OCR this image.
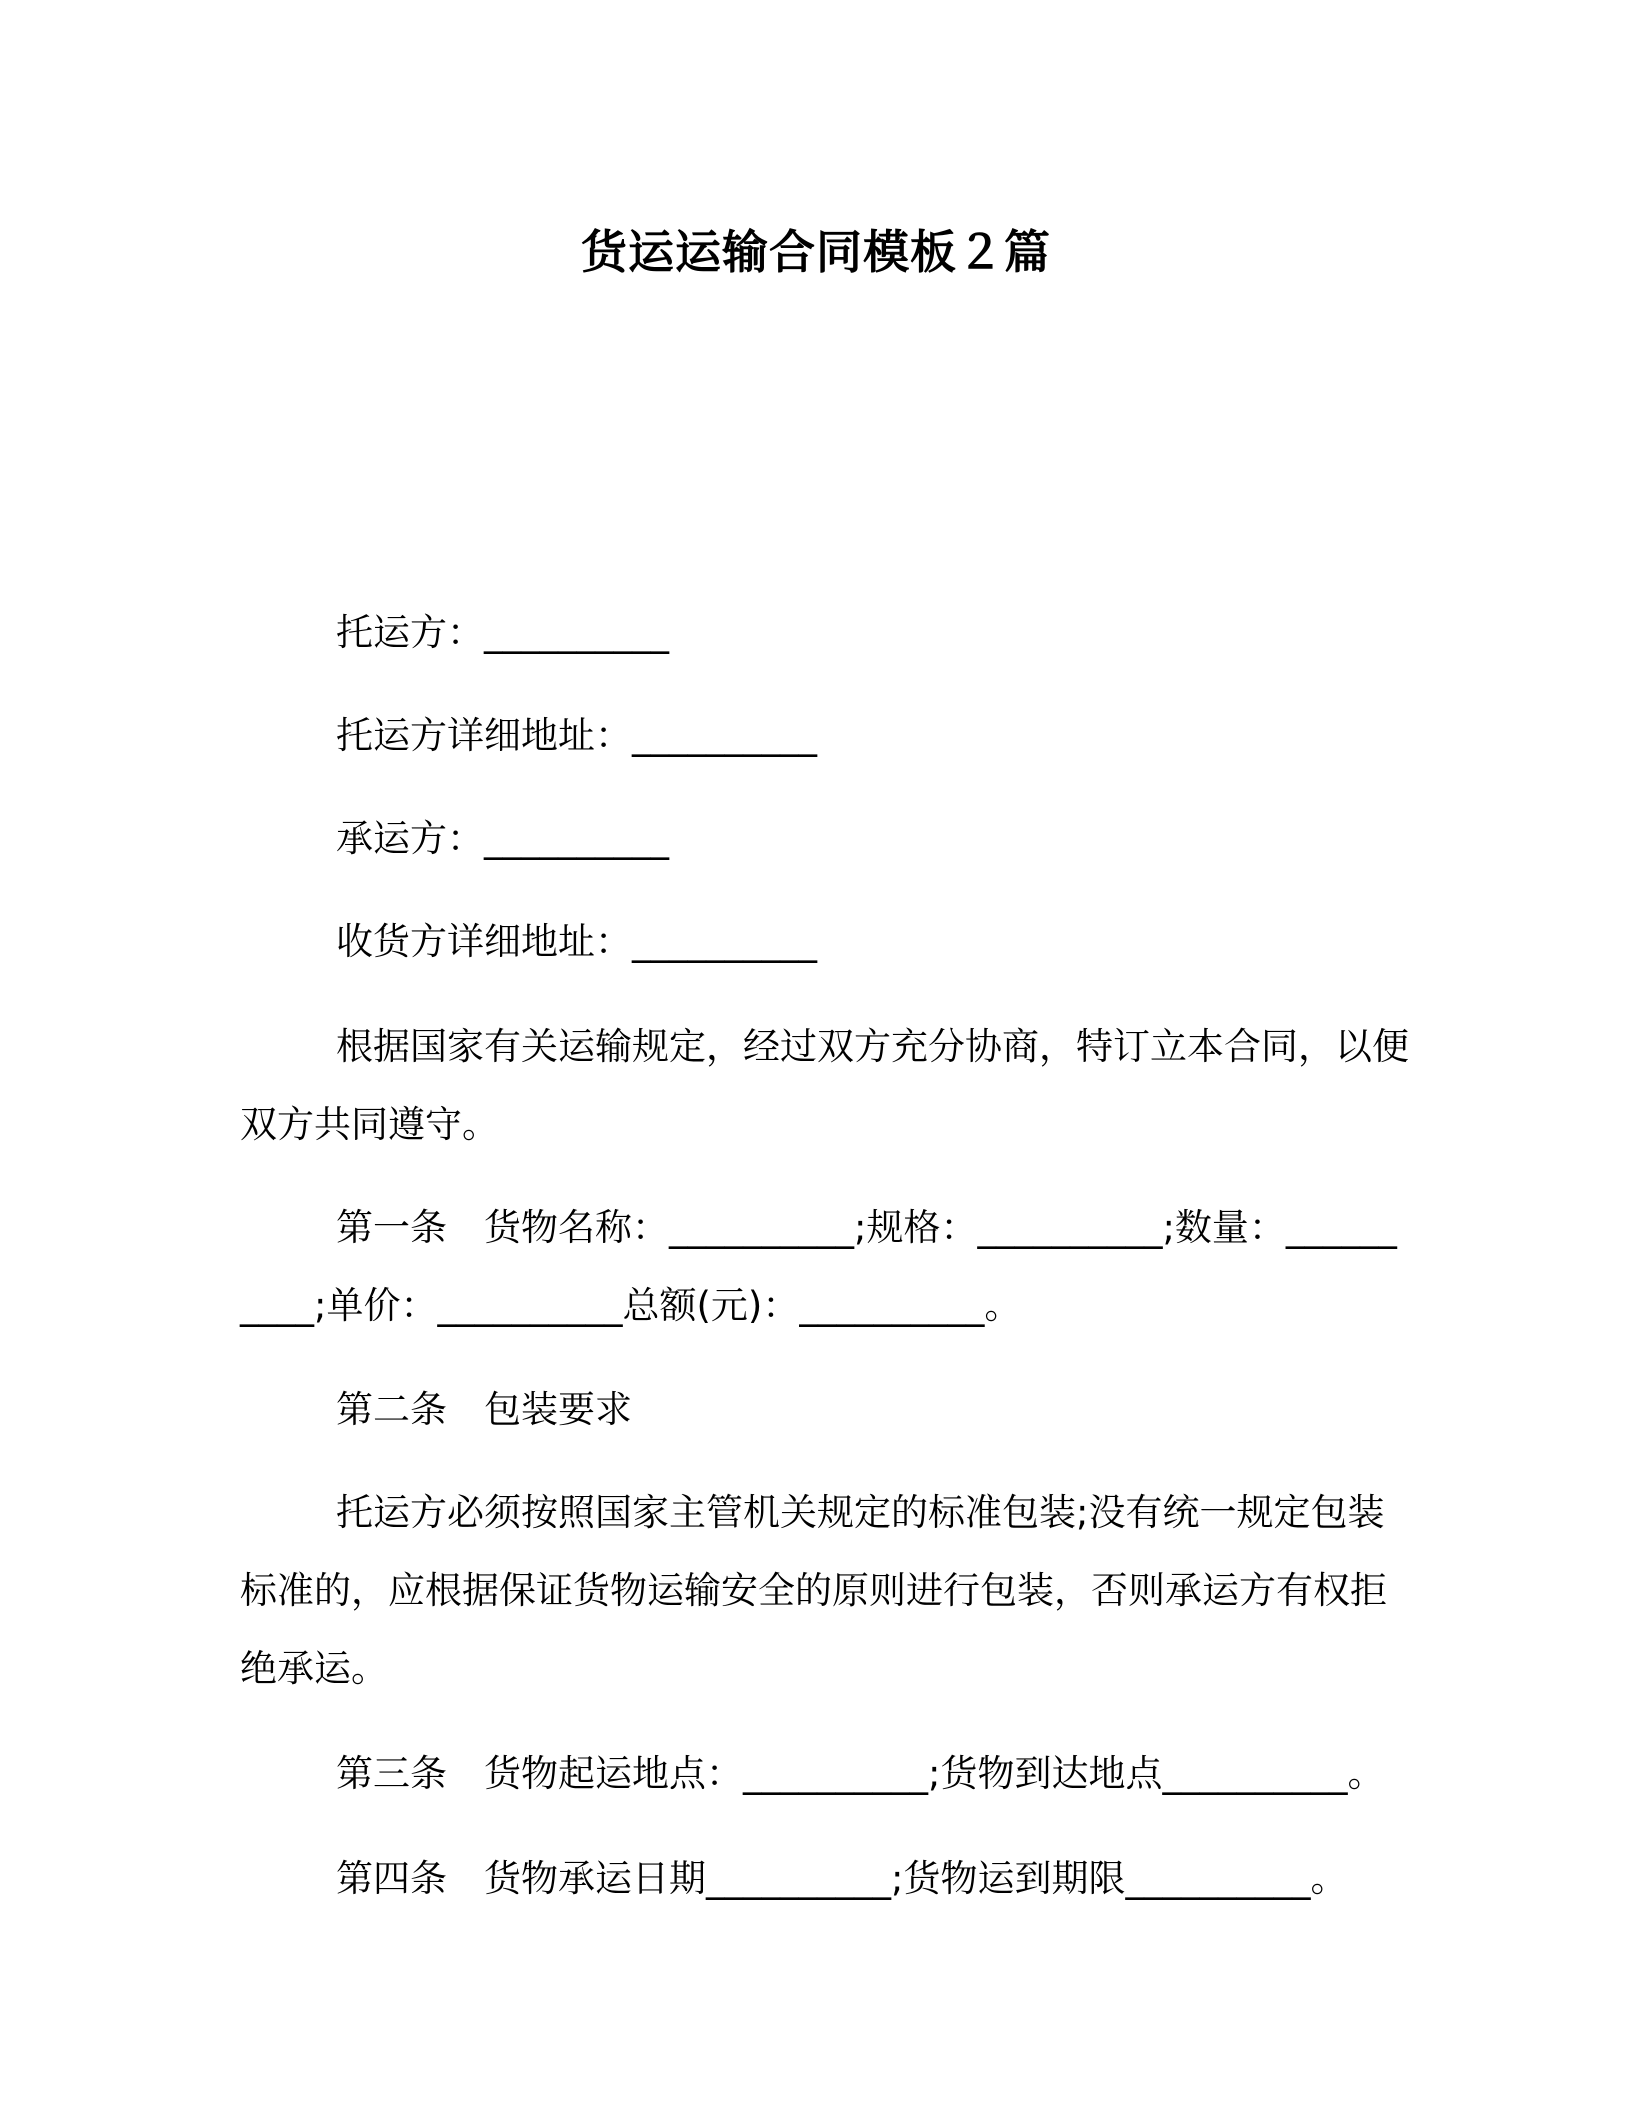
货运运输合同模板２篇
托运方：__________
托运方详细地址：__________
承运方：__________
收货方详细地址：__________
根据国家有关运输规定，经过双方充分协商，特订立本合同，以便双方共同遵守。
第一条　货物名称：__________;规格：__________;数量：__________;单价：__________总额(元)：__________。
第二条　包装要求
托运方必须按照国家主管机关规定的标准包装;没有统一规定包装标准的，应根据保证货物运输安全的原则进行包装，否则承运方有权拒绝承运。
第三条　货物起运地点：__________;货物到达地点__________。
第四条　货物承运日期__________;货物运到期限__________。
